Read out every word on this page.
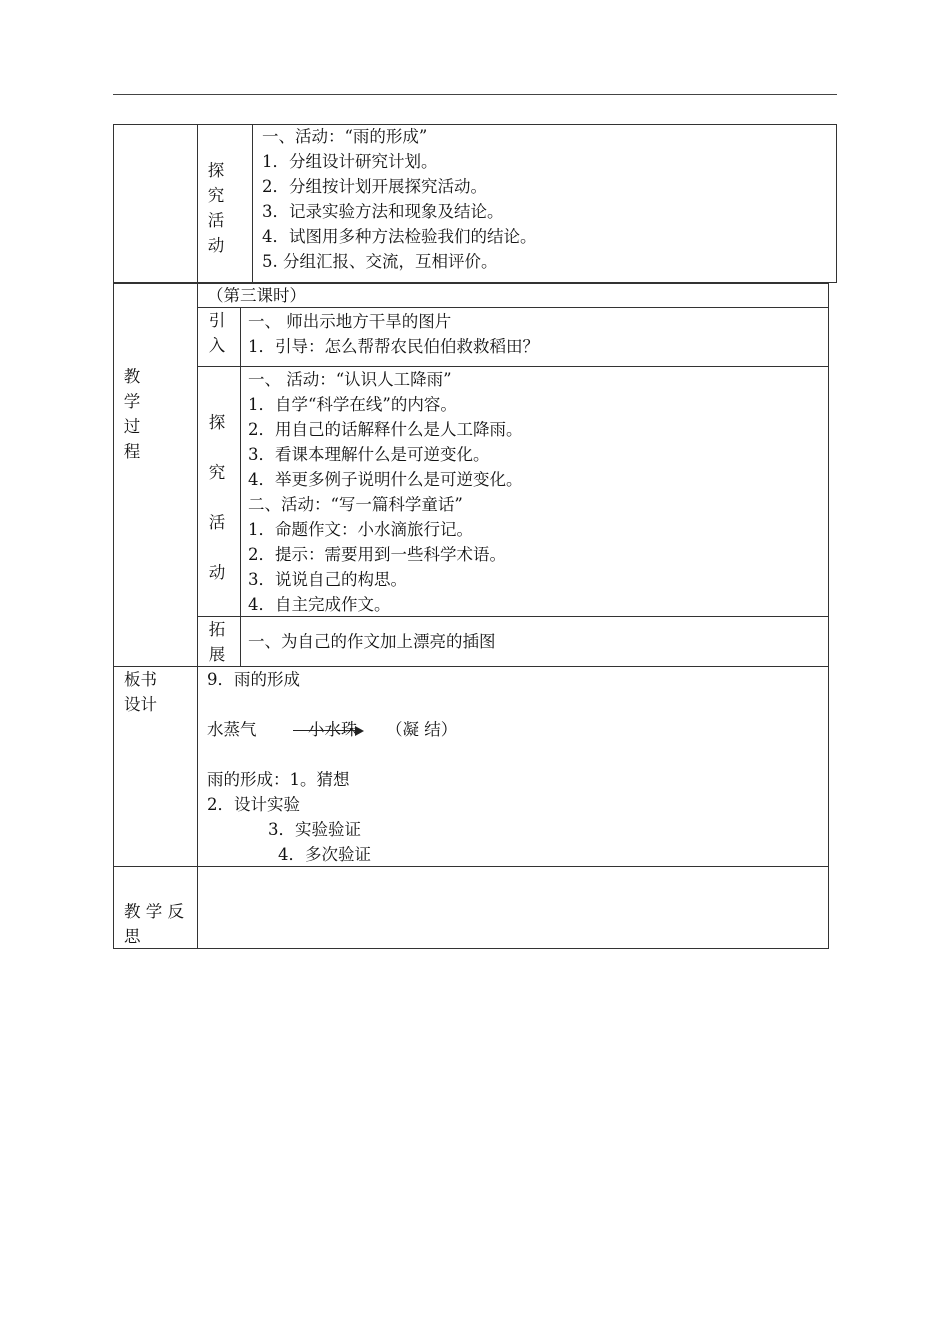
探
究
活
动
一、活动：“雨的形成”
1．分组设计研究计划。
2．分组按计划开展探究活动。
3．记录实验方法和现象及结论。
4．试图用多种方法检验我们的结论。
5. 分组汇报、交流，互相评价。
教
学
过
程
（第三课时）
引
入
一、 师出示地方干旱的图片
1．引导：怎么帮帮农民伯伯救救稻田？
探
究
活
动
一、 活动：“认识人工降雨”
1．自学“科学在线”的内容。
2．用自己的话解释什么是人工降雨。
3．看课本理解什么是可逆变化。
4．举更多例子说明什么是可逆变化。
二、活动：“写一篇科学童话”
1．命题作文：小水滴旅行记。
2．提示：需要用到一些科学术语。
3．说说自己的构思。
4．自主完成作文。
拓
展
一、为自己的作文加上漂亮的插图
板书
设计
9．雨的形成
水蒸气	小水珠 （凝 结）
雨的形成：1。猜想
2．设计实验
3．实验验证
4．多次验证
教 学 反
思
